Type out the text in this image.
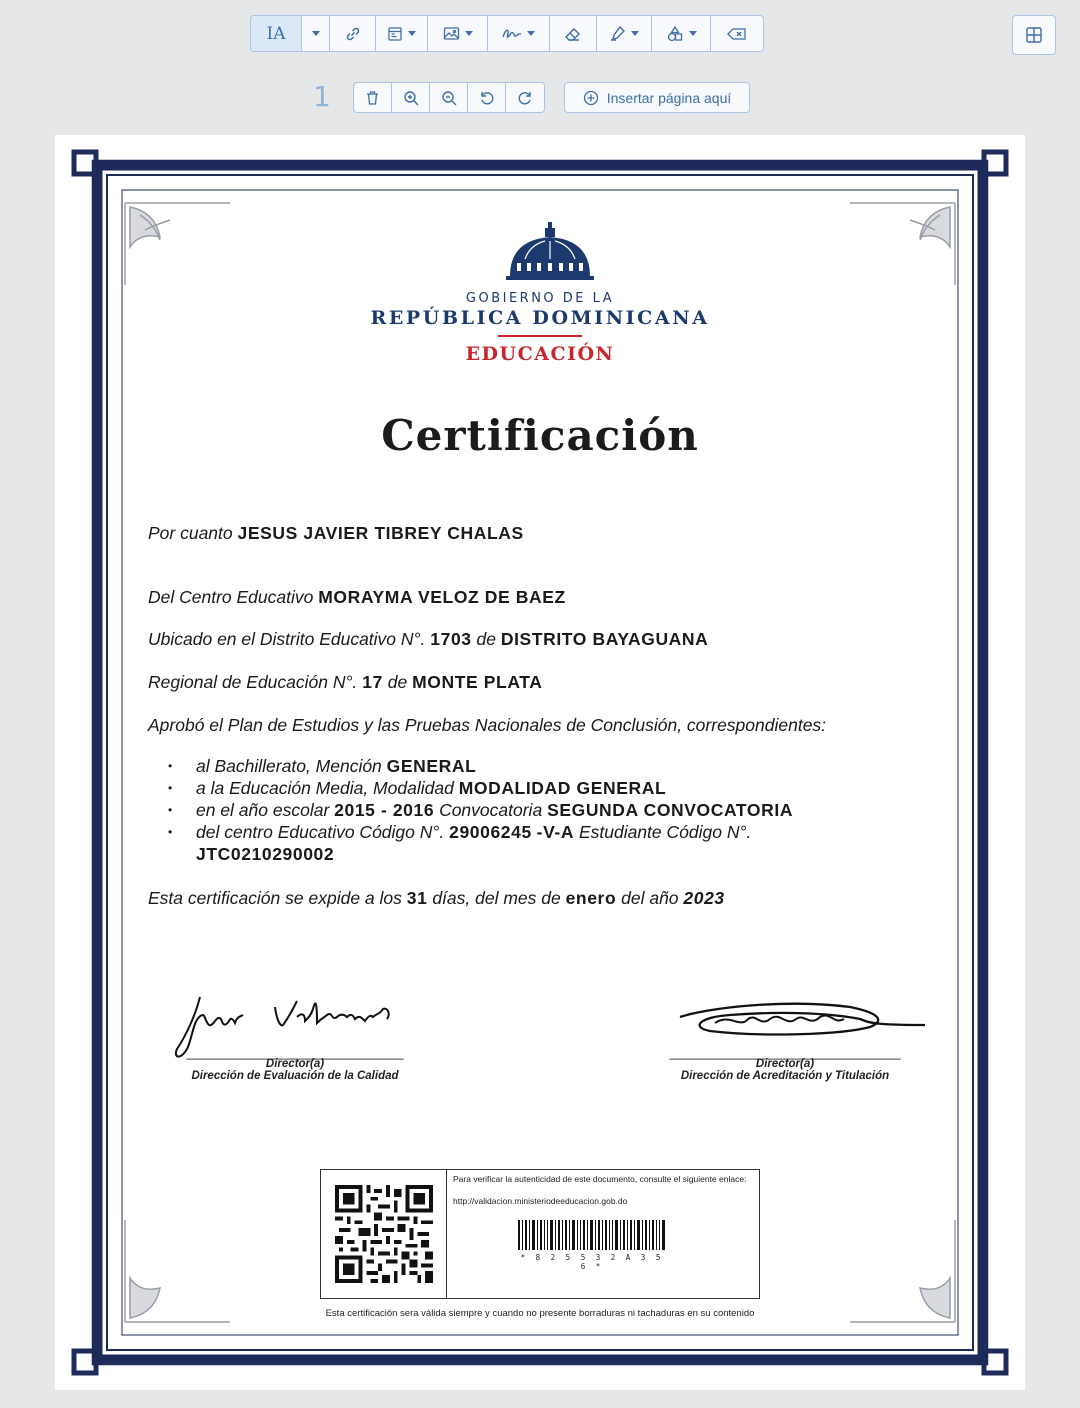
IA
1	Insertar página aquí
GOBIERNO DE LA
REPÚBLICA DOMINICANA
EDUCACIÓN
Certificación
Por cuanto JESUS JAVIER TIBREY CHALAS
Del Centro Educativo MORAYMA VELOZ DE BAEZ
Ubicado en el Distrito Educativo N°. 1703 de DISTRITO BAYAGUANA
Regional de Educación N°. 17 de MONTE PLATA
Aprobó el Plan de Estudios y las Pruebas Nacionales de Conclusión, correspondientes:
• al Bachillerato, Mención GENERAL
• a la Educación Media, Modalidad MODALIDAD GENERAL
• en el año escolar 2015 - 2016 Convocatoria SEGUNDA CONVOCATORIA
• del centro Educativo Código N°. 29006245 -V-A Estudiante Código N°.
JTC0210290002
Esta certificación se expide a los 31 días, del mes de enero del año 2023
______________________________
Director(a)
Dirección de Evaluación de la Calidad
________________________________
Director(a)
Dirección de Acreditación y Titulación
Para verificar la autenticidad de este documento, consulte el siguiente enlace:
http://validacion.ministeriodeeducacion.gob.do
* 8 2 5 5 3 2 A 3 5 6 *
Esta certificación sera válida siempre y cuando no presente borraduras ni tachaduras en su contenido
